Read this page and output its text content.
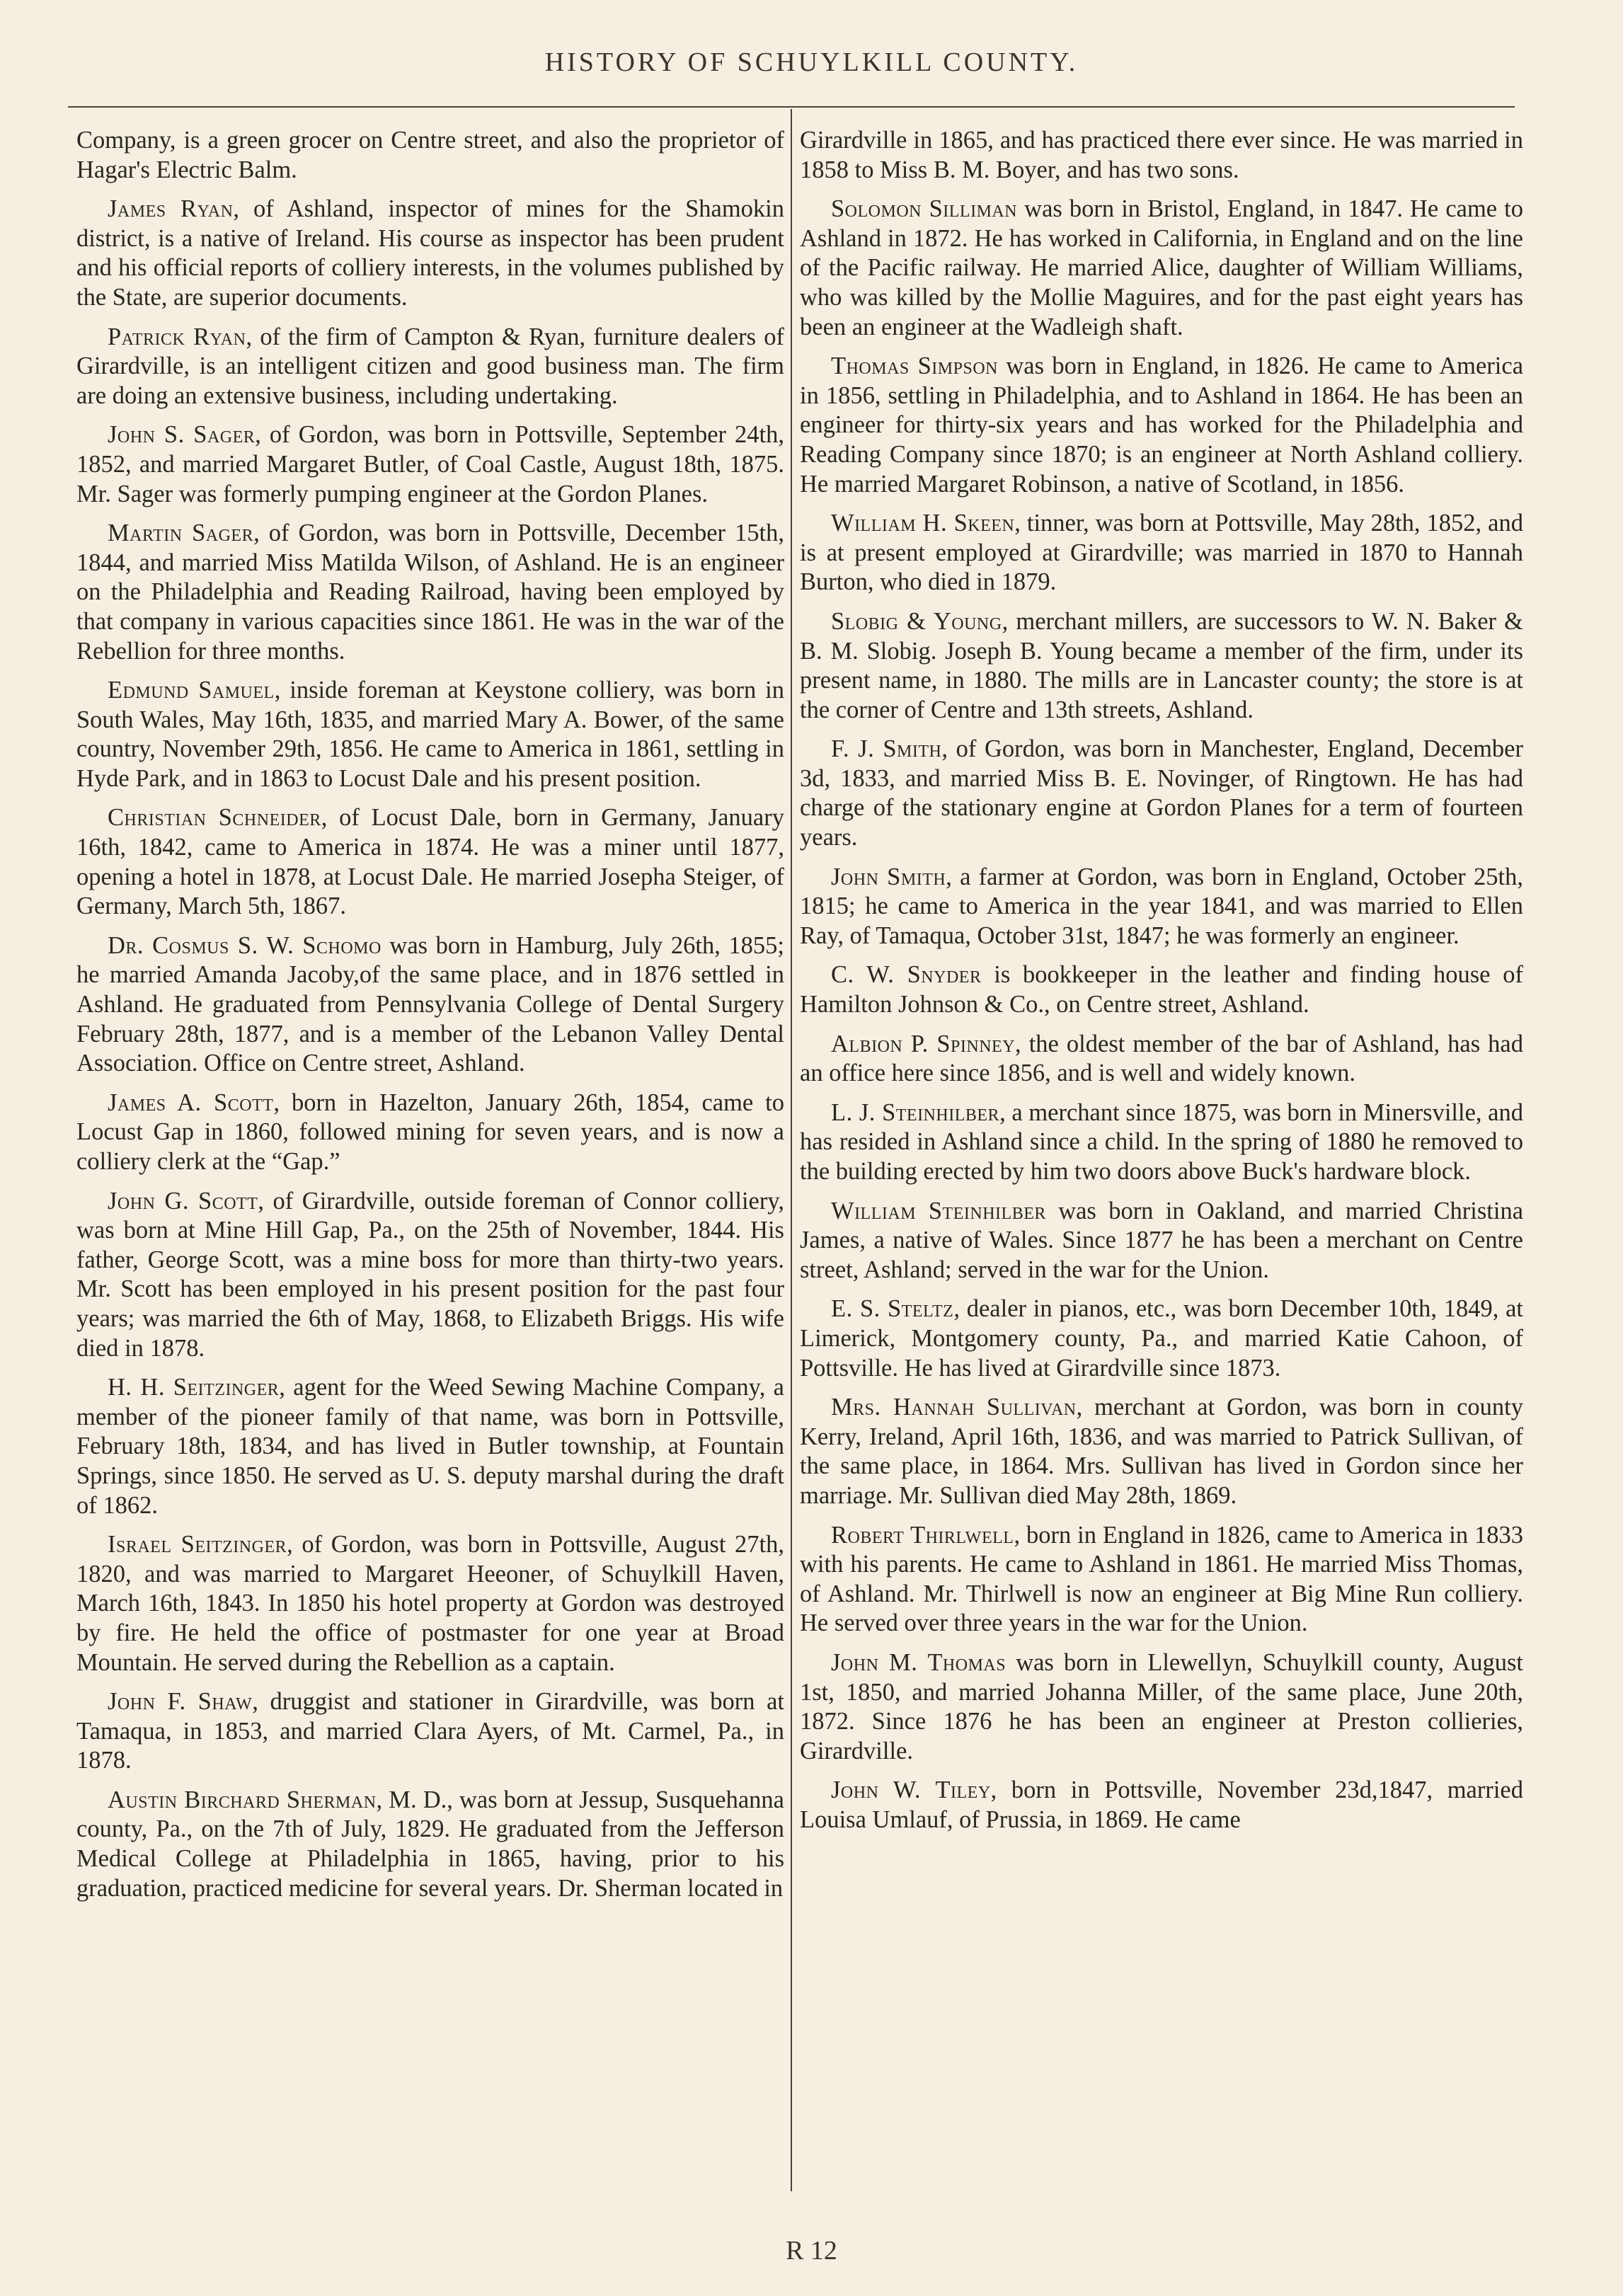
HISTORY OF SCHUYLKILL COUNTY.

Company, is a green grocer on Centre street, and also the proprietor of Hagar's Electric Balm.

James Ryan, of Ashland, inspector of mines for the Shamokin district, is a native of Ireland. His course as inspector has been prudent and his official reports of colliery interests, in the volumes published by the State, are superior documents.

Patrick Ryan, of the firm of Campton & Ryan, furniture dealers of Girardville, is an intelligent citizen and good business man. The firm are doing an extensive business, including undertaking.

John S. Sager, of Gordon, was born in Pottsville, September 24th, 1852, and married Margaret Butler, of Coal Castle, August 18th, 1875. Mr. Sager was formerly pumping engineer at the Gordon Planes.

Martin Sager, of Gordon, was born in Pottsville, December 15th, 1844, and married Miss Matilda Wilson, of Ashland. He is an engineer on the Philadelphia and Reading Railroad, having been employed by that company in various capacities since 1861. He was in the war of the Rebellion for three months.

Edmund Samuel, inside foreman at Keystone colliery, was born in South Wales, May 16th, 1835, and married Mary A. Bower, of the same country, November 29th, 1856. He came to America in 1861, settling in Hyde Park, and in 1863 to Locust Dale and his present position.

Christian Schneider, of Locust Dale, born in Germany, January 16th, 1842, came to America in 1874. He was a miner until 1877, opening a hotel in 1878, at Locust Dale. He married Josepha Steiger, of Germany, March 5th, 1867.

Dr. Cosmus S. W. Schomo was born in Hamburg, July 26th, 1855; he married Amanda Jacoby,of the same place, and in 1876 settled in Ashland. He graduated from Pennsylvania College of Dental Surgery February 28th, 1877, and is a member of the Lebanon Valley Dental Association. Office on Centre street, Ashland.

James A. Scott, born in Hazelton, January 26th, 1854, came to Locust Gap in 1860, followed mining for seven years, and is now a colliery clerk at the “Gap.”

John G. Scott, of Girardville, outside foreman of Connor colliery, was born at Mine Hill Gap, Pa., on the 25th of November, 1844. His father, George Scott, was a mine boss for more than thirty-two years. Mr. Scott has been employed in his present position for the past four years; was married the 6th of May, 1868, to Elizabeth Briggs. His wife died in 1878.

H. H. Seitzinger, agent for the Weed Sewing Machine Company, a member of the pioneer family of that name, was born in Pottsville, February 18th, 1834, and has lived in Butler township, at Fountain Springs, since 1850. He served as U. S. deputy marshal during the draft of 1862.

Israel Seitzinger, of Gordon, was born in Pottsville, August 27th, 1820, and was married to Margaret Heeoner, of Schuylkill Haven, March 16th, 1843. In 1850 his hotel property at Gordon was destroyed by fire. He held the office of postmaster for one year at Broad Mountain. He served during the Rebellion as a captain.

John F. Shaw, druggist and stationer in Girardville, was born at Tamaqua, in 1853, and married Clara Ayers, of Mt. Carmel, Pa., in 1878.

Austin Birchard Sherman, M. D., was born at Jessup, Susquehanna county, Pa., on the 7th of July, 1829. He graduated from the Jefferson Medical College at Philadelphia in 1865, having, prior to his graduation, practiced medicine for several years. Dr. Sherman located in

Girardville in 1865, and has practiced there ever since. He was married in 1858 to Miss B. M. Boyer, and has two sons.

Solomon Silliman was born in Bristol, England, in 1847. He came to Ashland in 1872. He has worked in California, in England and on the line of the Pacific railway. He married Alice, daughter of William Williams, who was killed by the Mollie Maguires, and for the past eight years has been an engineer at the Wadleigh shaft.

Thomas Simpson was born in England, in 1826. He came to America in 1856, settling in Philadelphia, and to Ashland in 1864. He has been an engineer for thirty-six years and has worked for the Philadelphia and Reading Company since 1870; is an engineer at North Ashland colliery. He married Margaret Robinson, a native of Scotland, in 1856.

William H. Skeen, tinner, was born at Pottsville, May 28th, 1852, and is at present employed at Girardville; was married in 1870 to Hannah Burton, who died in 1879.

Slobig & Young, merchant millers, are successors to W. N. Baker & B. M. Slobig. Joseph B. Young became a member of the firm, under its present name, in 1880. The mills are in Lancaster county; the store is at the corner of Centre and 13th streets, Ashland.

F. J. Smith, of Gordon, was born in Manchester, England, December 3d, 1833, and married Miss B. E. Novinger, of Ringtown. He has had charge of the stationary engine at Gordon Planes for a term of fourteen years.

John Smith, a farmer at Gordon, was born in England, October 25th, 1815; he came to America in the year 1841, and was married to Ellen Ray, of Tamaqua, October 31st, 1847; he was formerly an engineer.

C. W. Snyder is bookkeeper in the leather and finding house of Hamilton Johnson & Co., on Centre street, Ashland.

Albion P. Spinney, the oldest member of the bar of Ashland, has had an office here since 1856, and is well and widely known.

L. J. Steinhilber, a merchant since 1875, was born in Minersville, and has resided in Ashland since a child. In the spring of 1880 he removed to the building erected by him two doors above Buck's hardware block.

William Steinhilber was born in Oakland, and married Christina James, a native of Wales. Since 1877 he has been a merchant on Centre street, Ashland; served in the war for the Union.

E. S. Steltz, dealer in pianos, etc., was born December 10th, 1849, at Limerick, Montgomery county, Pa., and married Katie Cahoon, of Pottsville. He has lived at Girardville since 1873.

Mrs. Hannah Sullivan, merchant at Gordon, was born in county Kerry, Ireland, April 16th, 1836, and was married to Patrick Sullivan, of the same place, in 1864. Mrs. Sullivan has lived in Gordon since her marriage. Mr. Sullivan died May 28th, 1869.

Robert Thirlwell, born in England in 1826, came to America in 1833 with his parents. He came to Ashland in 1861. He married Miss Thomas, of Ashland. Mr. Thirlwell is now an engineer at Big Mine Run colliery. He served over three years in the war for the Union.

John M. Thomas was born in Llewellyn, Schuylkill county, August 1st, 1850, and married Johanna Miller, of the same place, June 20th, 1872. Since 1876 he has been an engineer at Preston collieries, Girardville.

John W. Tiley, born in Pottsville, November 23d,1847, married Louisa Umlauf, of Prussia, in 1869. He came

R 12
